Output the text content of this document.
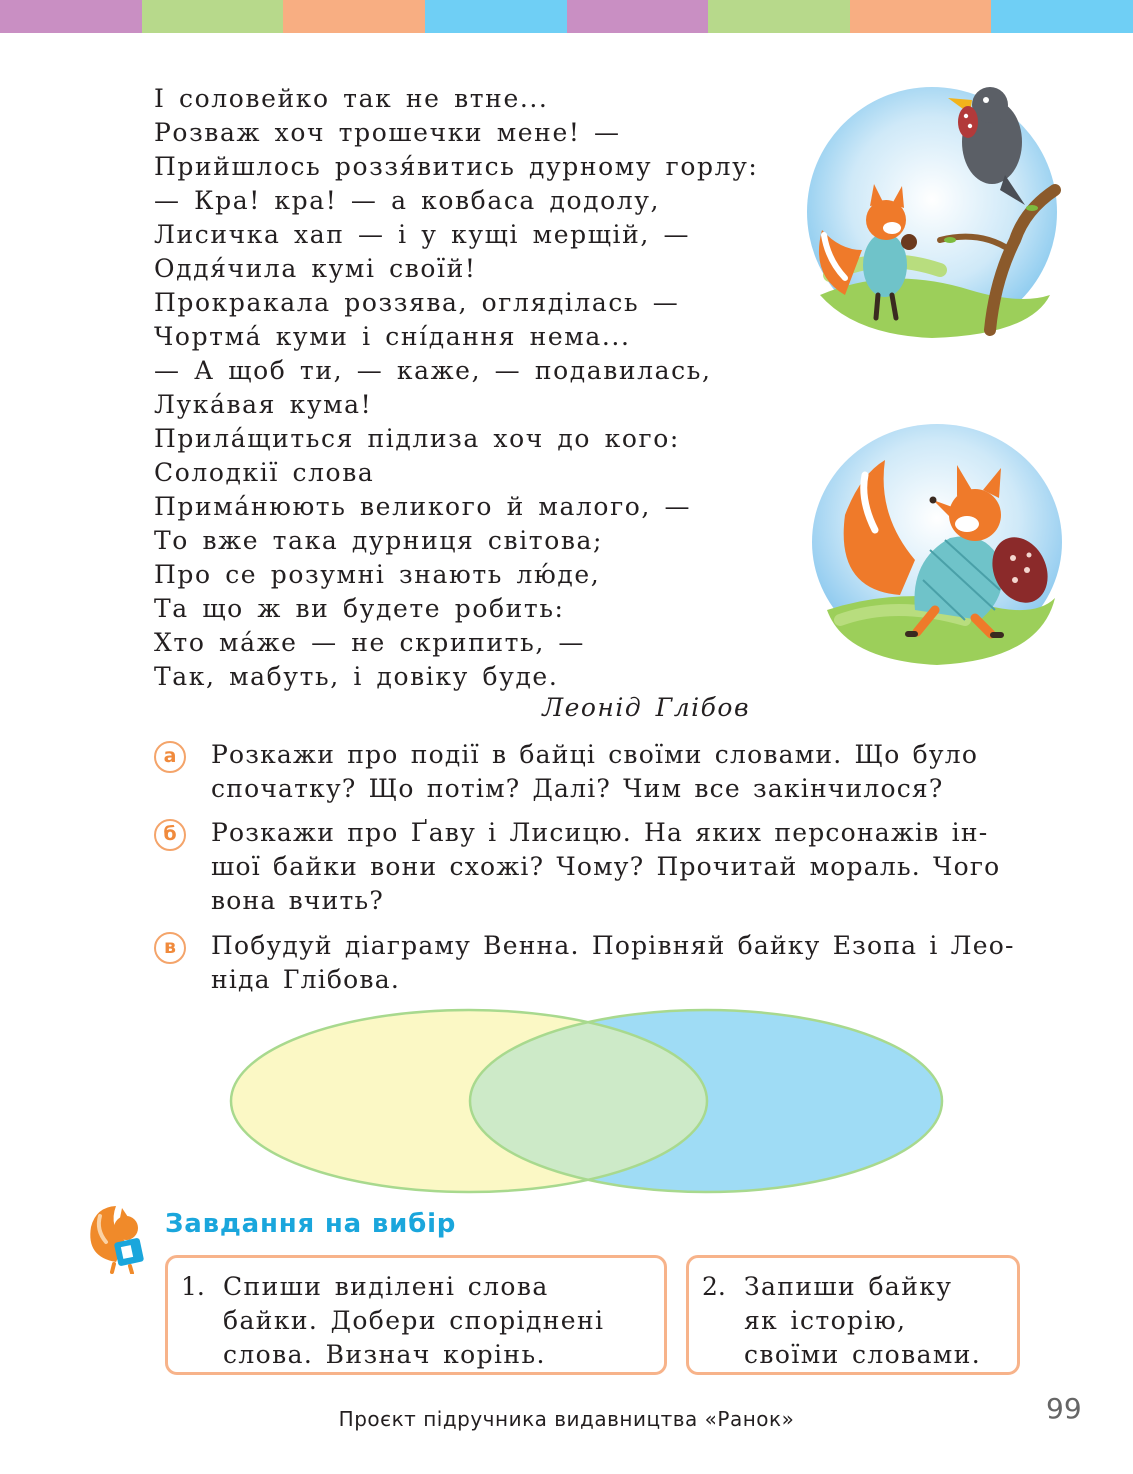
І соловейко так не втне...
Розваж хоч трошечки мене! —
Прийшлось роззя́витись дурному горлу:
— Кра! кра! — а ковбаса додолу,
Лисичка хап — і у кущі мерщій, —
Оддя́чила кумі своїй!
Прокракала роззява, огляділась —
Чортма́ куми і сні́дання нема...
— А щоб ти, — каже, — подавилась,
Лука́вая кума!
Прила́щиться підлиза хоч до кого:
Солодкії слова
Прима́нюють великого й малого, —
То вже така дурниця світова;
Про се розумні знають лю́де,
Та що ж ви будете робить:
Хто ма́же — не скрипить, —
Так, мабуть, і довіку буде.
Леонід Глібов
а	Розкажи про події в байці своїми словами. Що було спочатку? Що потім? Далі? Чим все закінчилося?
б	Розкажи про Ґаву і Лисицю. На яких персонажів іншої байки вони схожі? Чому? Прочитай мораль. Чого вона вчить?
в	Побудуй діаграму Венна. Порівняй байку Езопа і Леоніда Глібова.
Завдання на вибір
1. Спиши виділені слова
байки. Добери споріднені
слова. Визнач корінь.
2. Запиши байку
як історію,
своїми словами.
Проєкт підручника видавництва «Ранок»	99
